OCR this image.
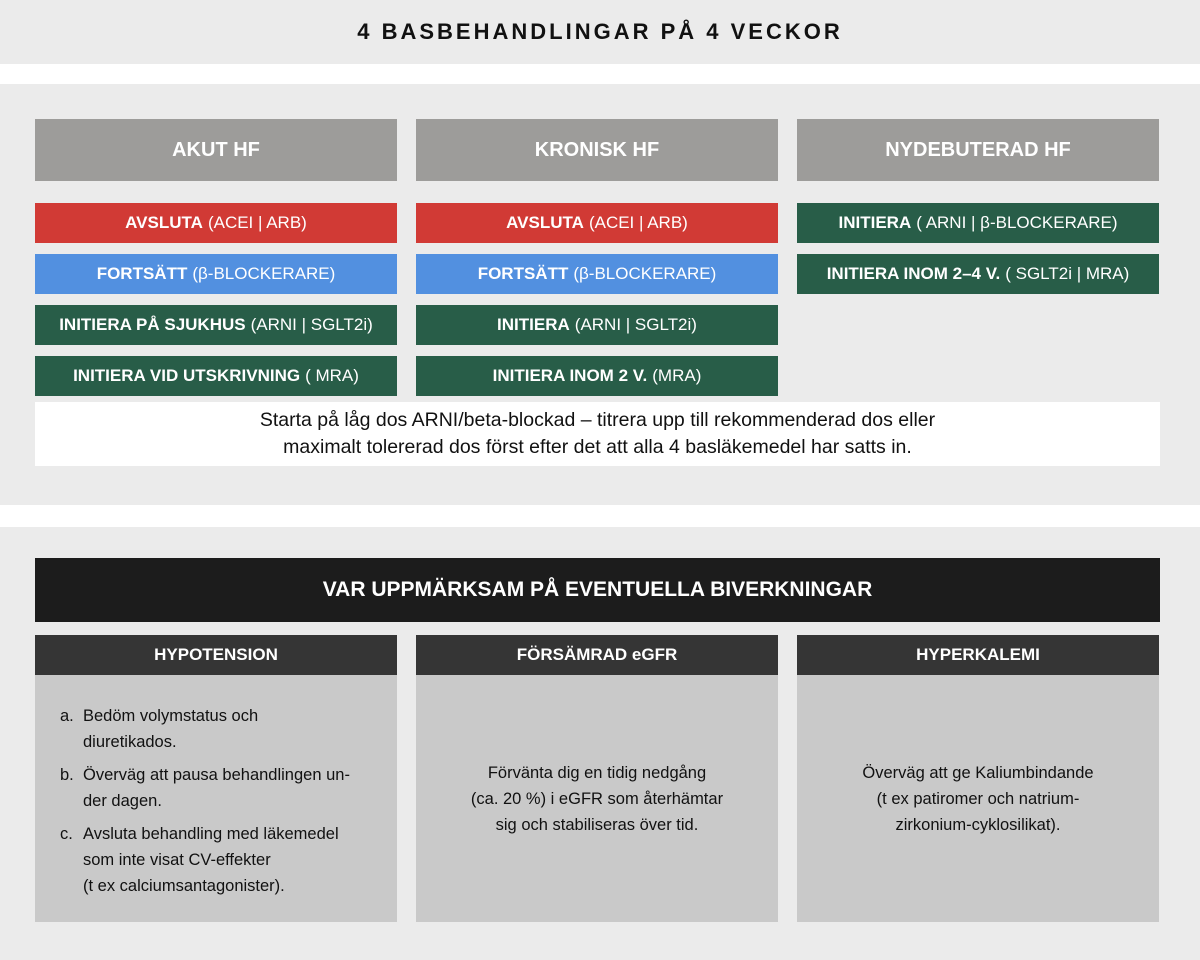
4 BASBEHANDLINGAR PÅ 4 VECKOR
AKUT HF
AVSLUTA (ACEI | ARB)
FORTSÄTT (β-BLOCKERARE)
INITIERA PÅ SJUKHUS (ARNI | SGLT2i)
INITIERA VID UTSKRIVNING ( MRA)
KRONISK HF
AVSLUTA (ACEI | ARB)
FORTSÄTT (β-BLOCKERARE)
INITIERA (ARNI | SGLT2i)
INITIERA INOM 2 V. (MRA)
NYDEBUTERAD HF
INITIERA ( ARNI | β-BLOCKERARE)
INITIERA INOM 2–4 V. ( SGLT2i | MRA)
Starta på låg dos ARNI/beta-blockad – titrera upp till rekommenderad dos eller
maximalt tolererad dos först efter det att alla 4 basläkemedel har satts in.
VAR UPPMÄRKSAM PÅ EVENTUELLA BIVERKNINGAR
HYPOTENSION
a. Bedöm volymstatus och
diuretikados.
b. Överväg att pausa behandlingen un-
der dagen.
c. Avsluta behandling med läkemedel
som inte visat CV-effekter
(t ex calciumsantagonister).
FÖRSÄMRAD eGFR
Förvänta dig en tidig nedgång
(ca. 20 %) i eGFR som återhämtar
sig och stabiliseras över tid.
HYPERKALEMI
Överväg att ge Kaliumbindande
(t ex patiromer och natrium-
zirkonium-cyklosilikat).
